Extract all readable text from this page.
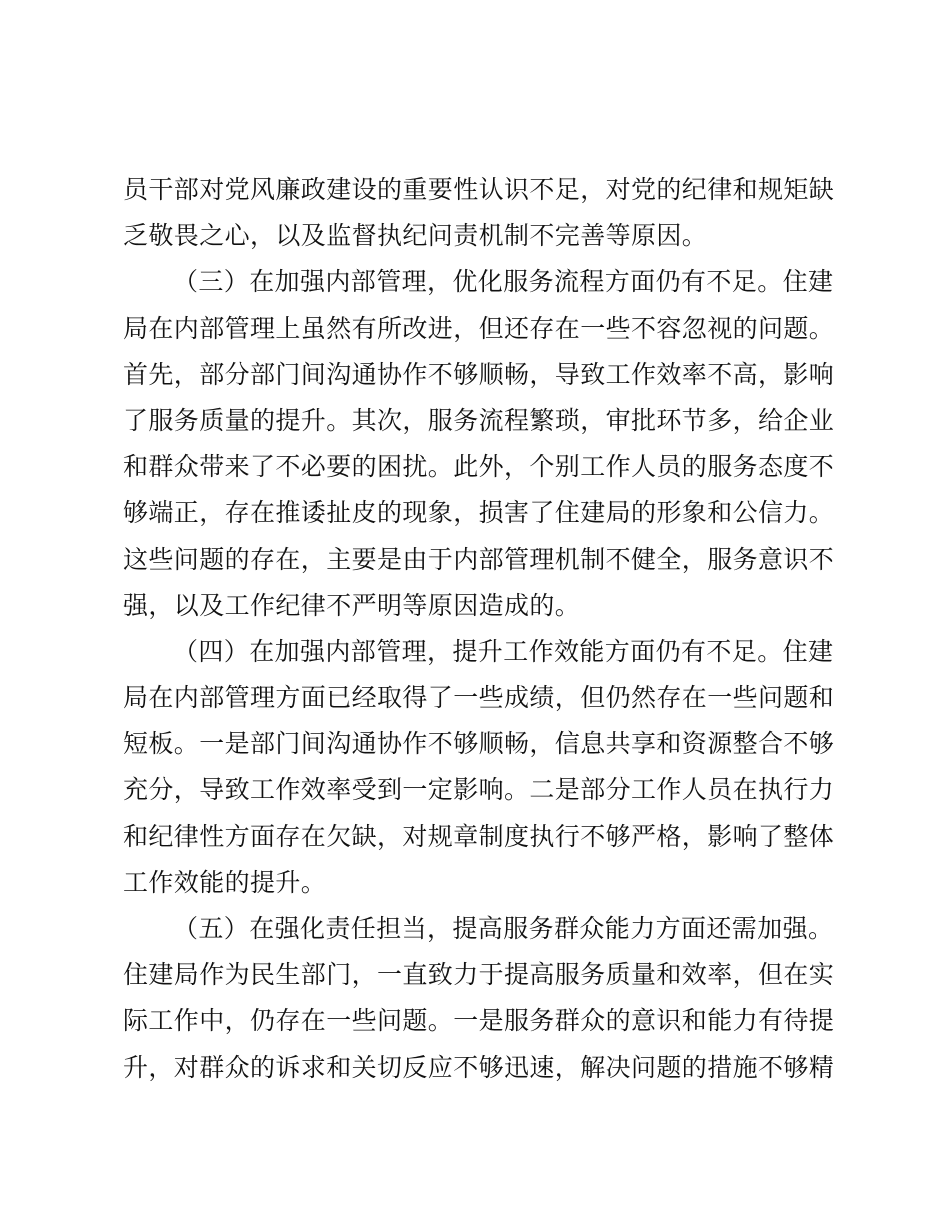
员干部对党风廉政建设的重要性认识不足，对党的纪律和规矩缺
乏敬畏之心，以及监督执纪问责机制不完善等原因。
（三）在加强内部管理，优化服务流程方面仍有不足。住建
局在内部管理上虽然有所改进，但还存在一些不容忽视的问题。
首先，部分部门间沟通协作不够顺畅，导致工作效率不高，影响
了服务质量的提升。其次，服务流程繁琐，审批环节多，给企业
和群众带来了不必要的困扰。此外，个别工作人员的服务态度不
够端正，存在推诿扯皮的现象，损害了住建局的形象和公信力。
这些问题的存在，主要是由于内部管理机制不健全，服务意识不
强，以及工作纪律不严明等原因造成的。
（四）在加强内部管理，提升工作效能方面仍有不足。住建
局在内部管理方面已经取得了一些成绩，但仍然存在一些问题和
短板。一是部门间沟通协作不够顺畅，信息共享和资源整合不够
充分，导致工作效率受到一定影响。二是部分工作人员在执行力
和纪律性方面存在欠缺，对规章制度执行不够严格，影响了整体
工作效能的提升。
（五）在强化责任担当，提高服务群众能力方面还需加强。
住建局作为民生部门，一直致力于提高服务质量和效率，但在实
际工作中，仍存在一些问题。一是服务群众的意识和能力有待提
升，对群众的诉求和关切反应不够迅速，解决问题的措施不够精
